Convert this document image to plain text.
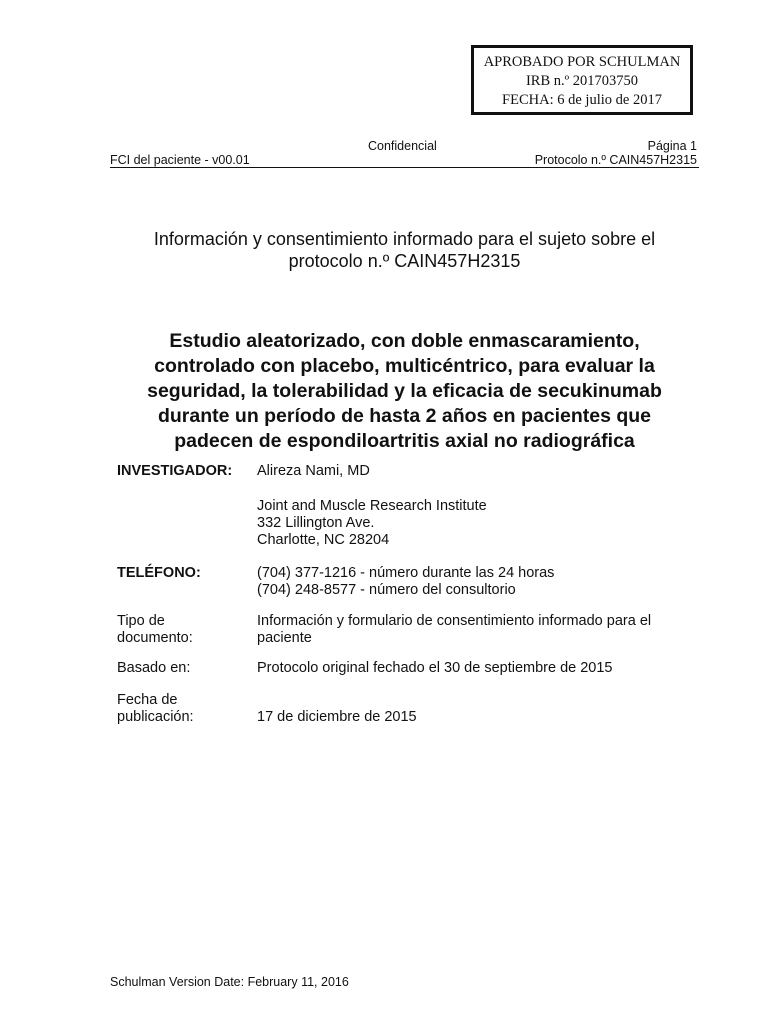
APROBADO POR SCHULMAN
IRB n.º 201703750
FECHA: 6 de julio de 2017
Confidencial	Página 1
FCI del paciente - v00.01	Protocolo n.º CAIN457H2315
Información y consentimiento informado para el sujeto sobre el
protocolo n.º CAIN457H2315
Estudio aleatorizado, con doble enmascaramiento,
controlado con placebo, multicéntrico, para evaluar la
seguridad, la tolerabilidad y la eficacia de secukinumab
durante un período de hasta 2 años en pacientes que
padecen de espondiloartritis axial no radiográfica
INVESTIGADOR:	Alireza Nami, MD
Joint and Muscle Research Institute
332 Lillington Ave.
Charlotte, NC 28204
TELÉFONO:	(704) 377-1216 - número durante las 24 horas
(704) 248-8577 - número del consultorio
Tipo de
documento:
Información y formulario de consentimiento informado para el
paciente
Basado en:	Protocolo original fechado el 30 de septiembre de 2015
Fecha de
publicación:	17 de diciembre de 2015
Schulman Version Date: February 11, 2016
